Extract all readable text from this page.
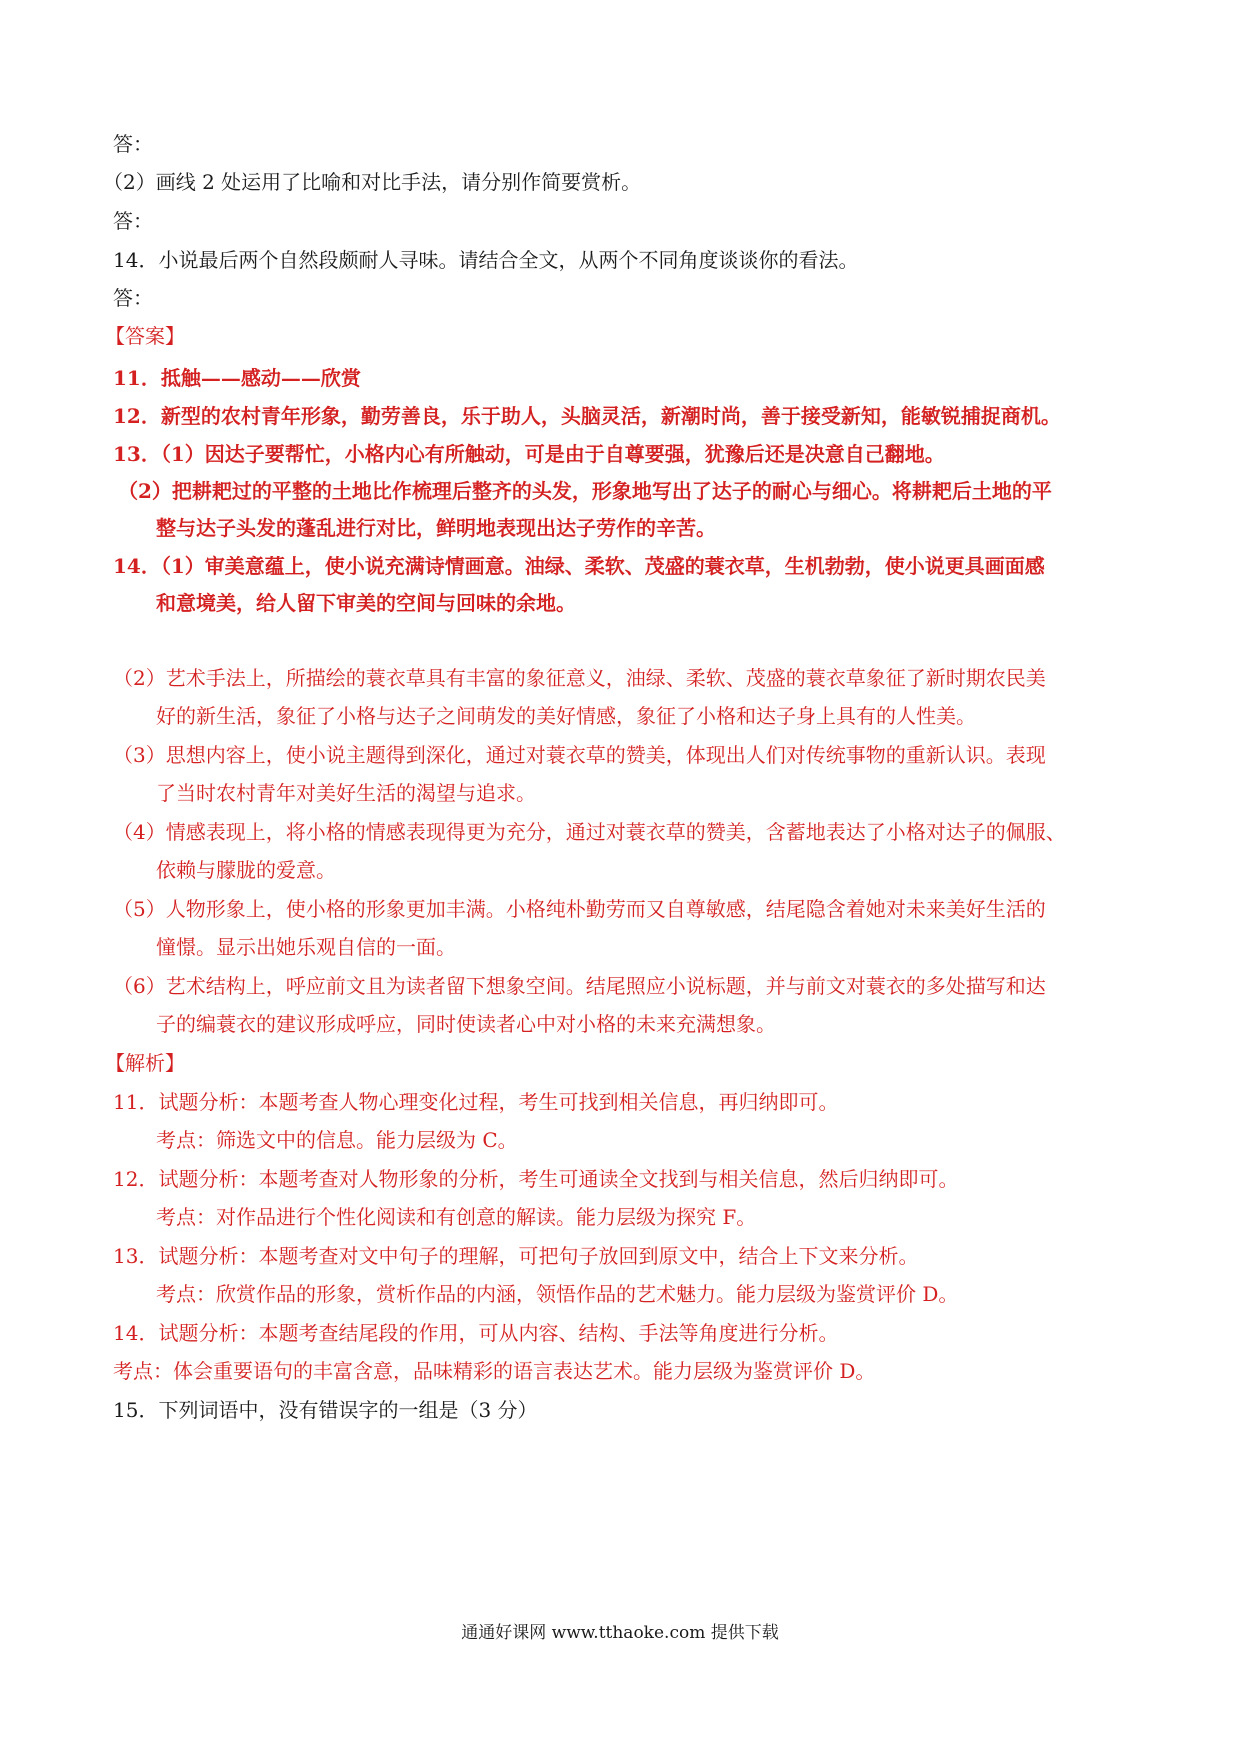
答：
（2）画线 2 处运用了比喻和对比手法，请分别作简要赏析。
答：
14．小说最后两个自然段颇耐人寻味。请结合全文，从两个不同角度谈谈你的看法。
答：
【答案】
11．抵触——感动——欣赏
12．新型的农村青年形象，勤劳善良，乐于助人，头脑灵活，新潮时尚，善于接受新知，能敏锐捕捉商机。
13．（1）因达子要帮忙，小格内心有所触动，可是由于自尊要强，犹豫后还是决意自己翻地。
（2）把耕耙过的平整的土地比作梳理后整齐的头发，形象地写出了达子的耐心与细心。将耕耙后土地的平
整与达子头发的蓬乱进行对比，鲜明地表现出达子劳作的辛苦。
14．（1）审美意蕴上，使小说充满诗情画意。油绿、柔软、茂盛的蓑衣草，生机勃勃，使小说更具画面感
和意境美，给人留下审美的空间与回味的余地。
（2）艺术手法上，所描绘的蓑衣草具有丰富的象征意义，油绿、柔软、茂盛的蓑衣草象征了新时期农民美
好的新生活，象征了小格与达子之间萌发的美好情感，象征了小格和达子身上具有的人性美。
（3）思想内容上，使小说主题得到深化，通过对蓑衣草的赞美，体现出人们对传统事物的重新认识。表现
了当时农村青年对美好生活的渴望与追求。
（4）情感表现上，将小格的情感表现得更为充分，通过对蓑衣草的赞美，含蓄地表达了小格对达子的佩服、
依赖与朦胧的爱意。
（5）人物形象上，使小格的形象更加丰满。小格纯朴勤劳而又自尊敏感，结尾隐含着她对未来美好生活的
憧憬。显示出她乐观自信的一面。
（6）艺术结构上，呼应前文且为读者留下想象空间。结尾照应小说标题，并与前文对蓑衣的多处描写和达
子的编蓑衣的建议形成呼应，同时使读者心中对小格的未来充满想象。
【解析】
11．试题分析：本题考查人物心理变化过程，考生可找到相关信息，再归纳即可。
考点：筛选文中的信息。能力层级为 C。
12．试题分析：本题考查对人物形象的分析，考生可通读全文找到与相关信息，然后归纳即可。
考点：对作品进行个性化阅读和有创意的解读。能力层级为探究 F。
13．试题分析：本题考查对文中句子的理解，可把句子放回到原文中，结合上下文来分析。
考点：欣赏作品的形象，赏析作品的内涵，领悟作品的艺术魅力。能力层级为鉴赏评价 D。
14．试题分析：本题考查结尾段的作用，可从内容、结构、手法等角度进行分析。
考点：体会重要语句的丰富含意，品味精彩的语言表达艺术。能力层级为鉴赏评价 D。
15．下列词语中，没有错误字的一组是（3 分）
通通好课网 www.tthaoke.com 提供下载
